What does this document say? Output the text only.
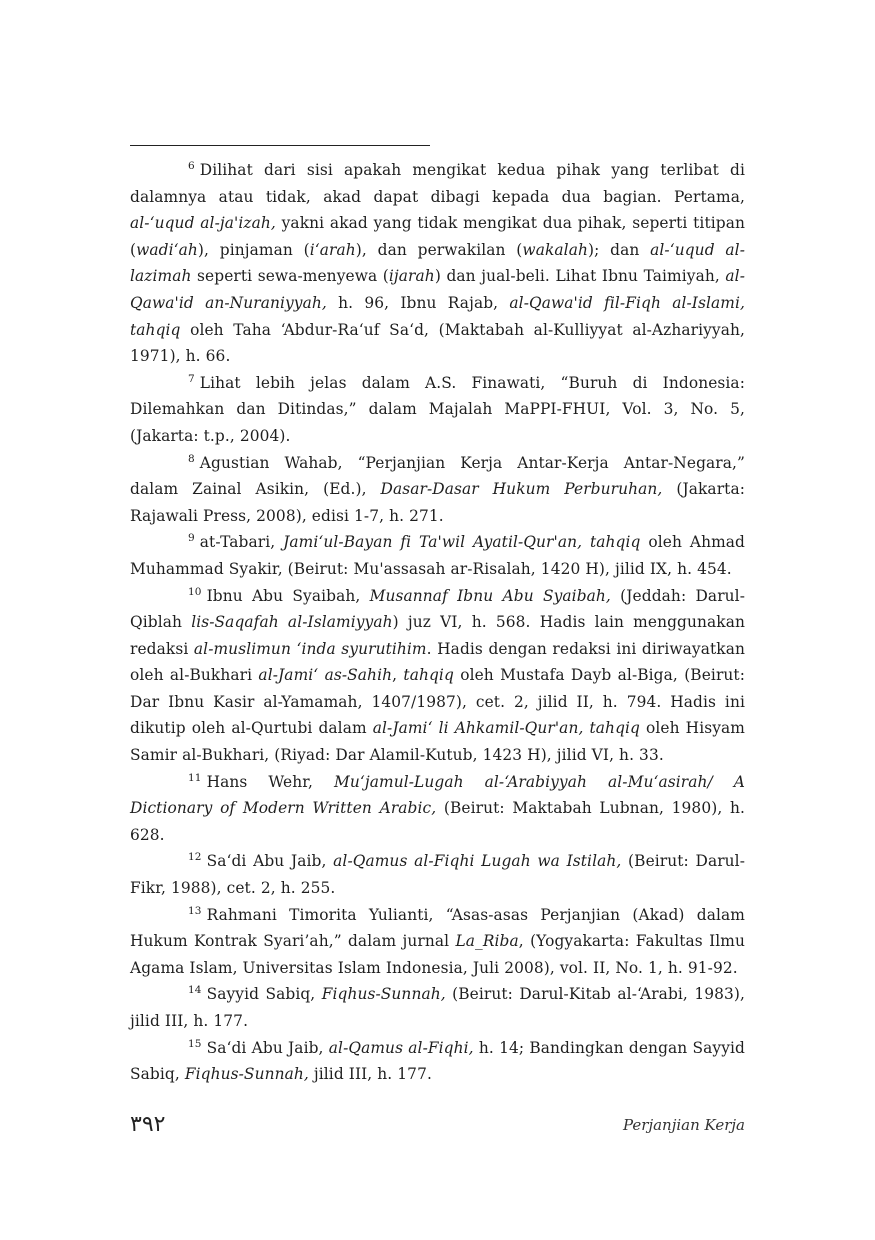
$^6$ Dilihat dari sisi apakah mengikat kedua pihak yang terlibat di dalamnya atau tidak, akad dapat dibagi kepada dua bagian. Pertama, al-‘uqud al-ja'izah, yakni akad yang tidak mengikat dua pihak, seperti titipan (wadi‘ah), pinjaman (i‘arah), dan perwakilan (wakalah); dan al-‘uqud al-lazimah seperti sewa-menyewa (ijarah) dan jual-beli. Lihat Ibnu Taimiyah, al-Qawa'id an-Nuraniyyah, h. 96, Ibnu Rajab, al-Qawa'id fil-Fiqh al-Islami, tahqiq oleh Taha ‘Abdur-Ra‘uf Sa‘d, (Maktabah al-Kulliyyat al-Azhariyyah, 1971), h. 66.

$^7$ Lihat lebih jelas dalam A.S. Finawati, “Buruh di Indonesia: Dilemahkan dan Ditindas,” dalam Majalah MaPPI-FHUI, Vol. 3, No. 5, (Jakarta: t.p., 2004).

$^8$ Agustian Wahab, “Perjanjian Kerja Antar-Kerja Antar-Negara,” dalam Zainal Asikin, (Ed.), Dasar-Dasar Hukum Perburuhan, (Jakarta: Rajawali Press, 2008), edisi 1-7, h. 271.

$^9$ at-Tabari, Jami‘ul-Bayan fi Ta'wil Ayatil-Qur'an, tahqiq oleh Ahmad Muhammad Syakir, (Beirut: Mu'assasah ar-Risalah, 1420 H), jilid IX, h. 454.

$^{10}$ Ibnu Abu Syaibah, Musannaf Ibnu Abu Syaibah, (Jeddah: Darul-Qiblah lis-Saqafah al-Islamiyyah) juz VI, h. 568. Hadis lain menggunakan redaksi al-muslimun ‘inda syurutihim. Hadis dengan redaksi ini diriwayatkan oleh al-Bukhari al-Jami‘ as-Sahih, tahqiq oleh Mustafa Dayb al-Biga, (Beirut: Dar Ibnu Kasir al-Yamamah, 1407/1987), cet. 2, jilid II, h. 794. Hadis ini dikutip oleh al-Qurtubi dalam al-Jami‘ li Ahkamil-Qur'an, tahqiq oleh Hisyam Samir al-Bukhari, (Riyad: Dar Alamil-Kutub, 1423 H), jilid VI, h. 33.

$^{11}$ Hans Wehr, Mu‘jamul-Lugah al-‘Arabiyyah al-Mu‘asirah/ A Dictionary of Modern Written Arabic, (Beirut: Maktabah Lubnan, 1980), h. 628.

$^{12}$ Sa‘di Abu Jaib, al-Qamus al-Fiqhi Lugah wa Istilah, (Beirut: Darul-Fikr, 1988), cet. 2, h. 255.

$^{13}$ Rahmani Timorita Yulianti, “Asas-asas Perjanjian (Akad) dalam Hukum Kontrak Syari’ah,” dalam jurnal La_Riba, (Yogyakarta: Fakultas Ilmu Agama Islam, Universitas Islam Indonesia, Juli 2008), vol. II, No. 1, h. 91-92.

$^{14}$ Sayyid Sabiq, Fiqhus-Sunnah, (Beirut: Darul-Kitab al-‘Arabi, 1983), jilid III, h. 177.

$^{15}$ Sa‘di Abu Jaib, al-Qamus al-Fiqhi, h. 14; Bandingkan dengan Sayyid Sabiq, Fiqhus-Sunnah, jilid III, h. 177.

٣٩٢	Perjanjian Kerja
